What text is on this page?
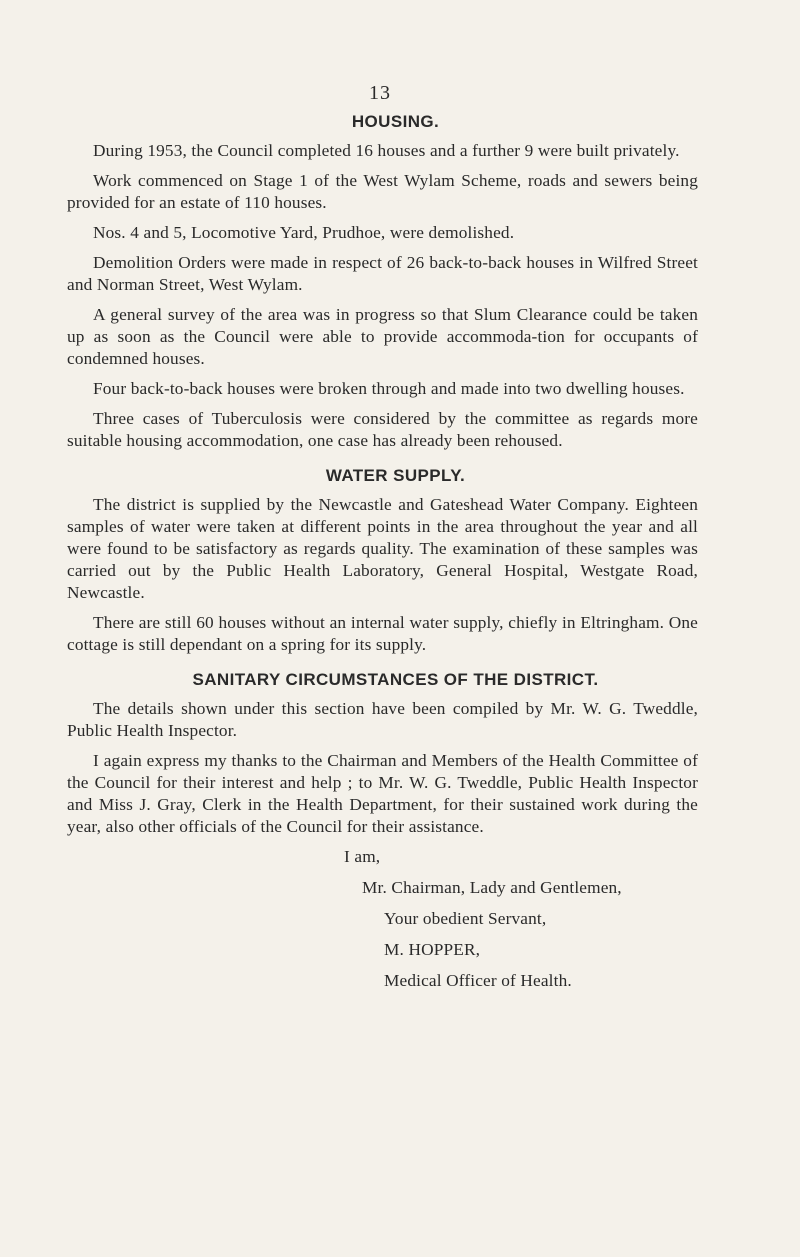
13
HOUSING.

During 1953, the Council completed 16 houses and a further 9 were built privately.

Work commenced on Stage 1 of the West Wylam Scheme, roads and sewers being provided for an estate of 110 houses.

Nos. 4 and 5, Locomotive Yard, Prudhoe, were demolished.

Demolition Orders were made in respect of 26 back-to-back houses in Wilfred Street and Norman Street, West Wylam.

A general survey of the area was in progress so that Slum Clearance could be taken up as soon as the Council were able to provide accommoda-tion for occupants of condemned houses.

Four back-to-back houses were broken through and made into two dwelling houses.

Three cases of Tuberculosis were considered by the committee as regards more suitable housing accommodation, one case has already been rehoused.

WATER SUPPLY.

The district is supplied by the Newcastle and Gateshead Water Company. Eighteen samples of water were taken at different points in the area throughout the year and all were found to be satisfactory as regards quality. The examination of these samples was carried out by the Public Health Laboratory, General Hospital, Westgate Road, Newcastle.

There are still 60 houses without an internal water supply, chiefly in Eltringham. One cottage is still dependant on a spring for its supply.

SANITARY CIRCUMSTANCES OF THE DISTRICT.

The details shown under this section have been compiled by Mr. W. G. Tweddle, Public Health Inspector.

I again express my thanks to the Chairman and Members of the Health Committee of the Council for their interest and help ; to Mr. W. G. Tweddle, Public Health Inspector and Miss J. Gray, Clerk in the Health Department, for their sustained work during the year, also other officials of the Council for their assistance.

I am,
Mr. Chairman, Lady and Gentlemen,
Your obedient Servant,
M. HOPPER,
Medical Officer of Health.
